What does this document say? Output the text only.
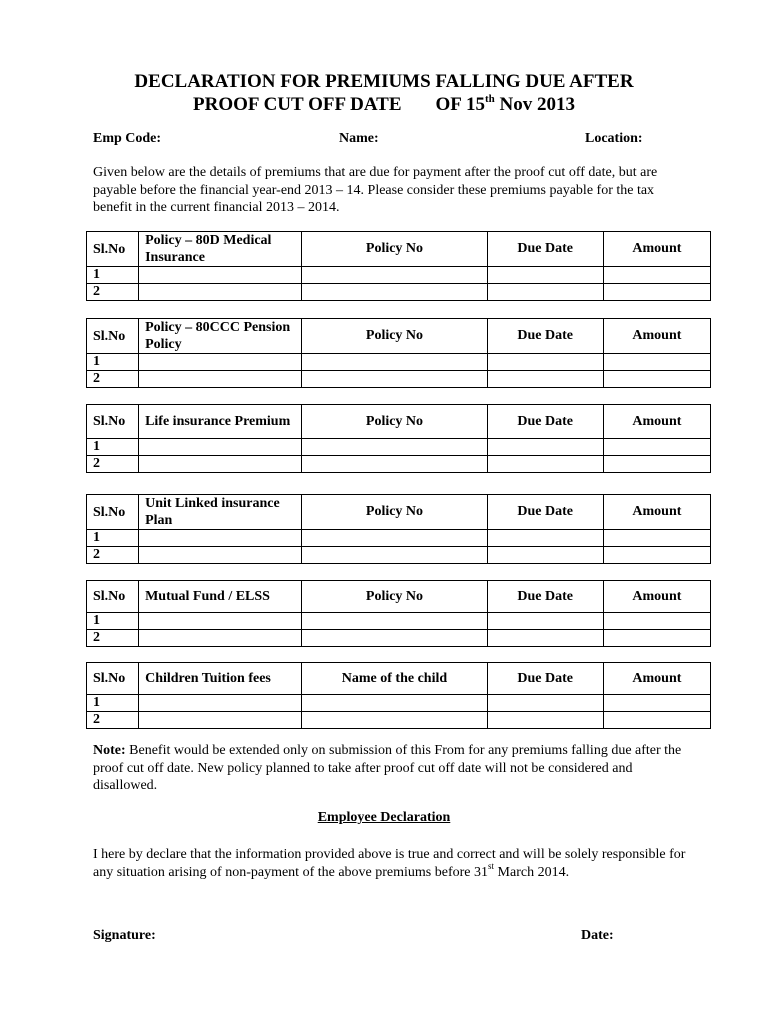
DECLARATION FOR PREMIUMS FALLING DUE AFTER
PROOF CUT OFF DATE OF 15th Nov 2013
Emp Code:	Name:	Location:
Given below are the details of premiums that are due for payment after the proof cut off date, but are payable before the financial year-end 2013 – 14. Please consider these premiums payable for the tax benefit in the current financial 2013 – 2014.
Sl.No	Policy – 80D Medical Insurance	Policy No	Due Date	Amount
1				
2				
Sl.No	Policy – 80CCC Pension Policy	Policy No	Due Date	Amount
1				
2				
Sl.No	Life insurance Premium	Policy No	Due Date	Amount
1				
2				
Sl.No	Unit Linked insurance Plan	Policy No	Due Date	Amount
1				
2				
Sl.No	Mutual Fund / ELSS	Policy No	Due Date	Amount
1				
2				
Sl.No	Children Tuition fees	Name of the child	Due Date	Amount
1				
2				
Note: Benefit would be extended only on submission of this From for any premiums falling due after the proof cut off date. New policy planned to take after proof cut off date will not be considered and disallowed.
Employee Declaration
I here by declare that the information provided above is true and correct and will be solely responsible for any situation arising of non-payment of the above premiums before 31st March 2014.
Signature:	Date:
